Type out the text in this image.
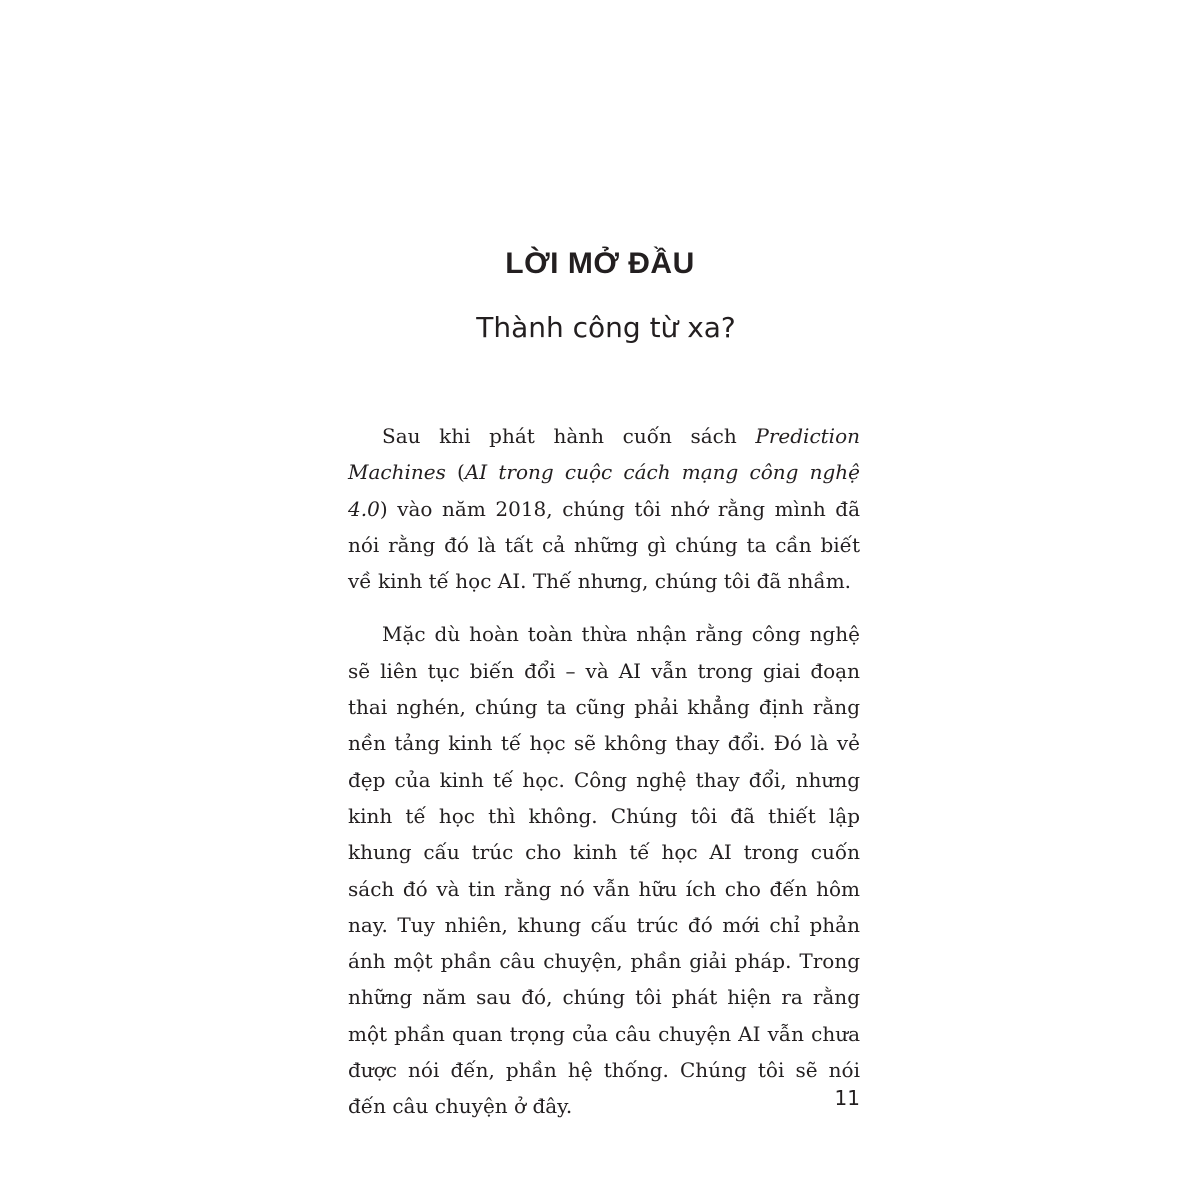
LỜI MỞ ĐẦU
Thành công từ xa?

Sau khi phát hành cuốn sách Prediction Machines (AI trong cuộc cách mạng công nghệ 4.0) vào năm 2018, chúng tôi nhớ rằng mình đã nói rằng đó là tất cả những gì chúng ta cần biết về kinh tế học AI. Thế nhưng, chúng tôi đã nhầm.

Mặc dù hoàn toàn thừa nhận rằng công nghệ sẽ liên tục biến đổi – và AI vẫn trong giai đoạn thai nghén, chúng ta cũng phải khẳng định rằng nền tảng kinh tế học sẽ không thay đổi. Đó là vẻ đẹp của kinh tế học. Công nghệ thay đổi, nhưng kinh tế học thì không. Chúng tôi đã thiết lập khung cấu trúc cho kinh tế học AI trong cuốn sách đó và tin rằng nó vẫn hữu ích cho đến hôm nay. Tuy nhiên, khung cấu trúc đó mới chỉ phản ánh một phần câu chuyện, phần giải pháp. Trong những năm sau đó, chúng tôi phát hiện ra rằng một phần quan trọng của câu chuyện AI vẫn chưa được nói đến, phần hệ thống. Chúng tôi sẽ nói đến câu chuyện ở đây.	11
